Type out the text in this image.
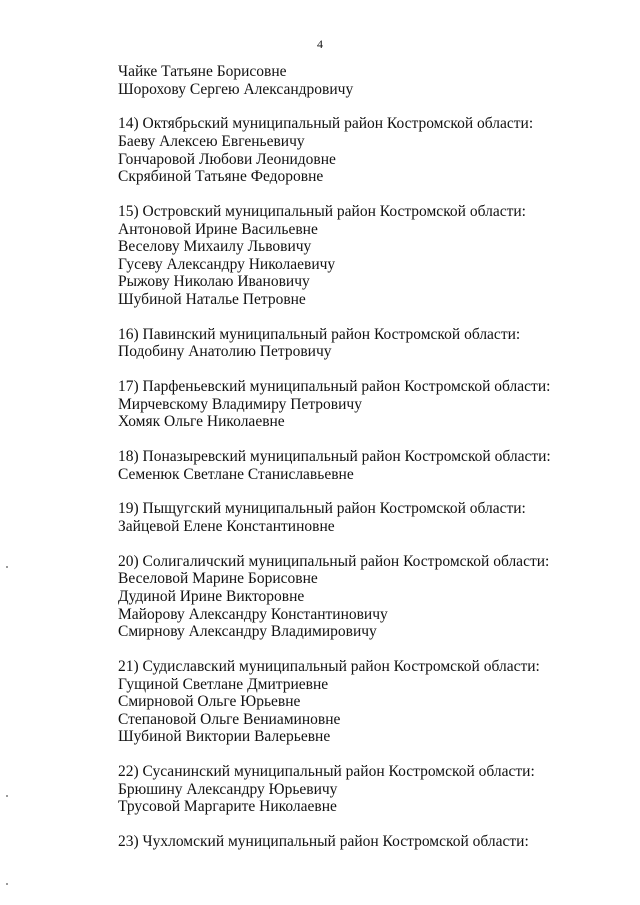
4
Чайке Татьяне Борисовне
Шорохову Сергею Александровичу
14) Октябрьский муниципальный район Костромской области:
Баеву Алексею Евгеньевичу
Гончаровой Любови Леонидовне
Скрябиной Татьяне Федоровне
15) Островский муниципальный район Костромской области:
Антоновой Ирине Васильевне
Веселову Михаилу Львовичу
Гусеву Александру Николаевичу
Рыжову Николаю Ивановичу
Шубиной Наталье Петровне
16) Павинский муниципальный район Костромской области:
Подобину Анатолию Петровичу
17) Парфеньевский муниципальный район Костромской области:
Мирчевскому Владимиру Петровичу
Хомяк Ольге Николаевне
18) Поназыревский муниципальный район Костромской области:
Семенюк Светлане Станиславьевне
19) Пыщугский муниципальный район Костромской области:
Зайцевой Елене Константиновне
20) Солигаличский муниципальный район Костромской области:
Веселовой Марине Борисовне
Дудиной Ирине Викторовне
Майорову Александру Константиновичу
Смирнову Александру Владимировичу
21) Судиславский муниципальный район Костромской области:
Гущиной Светлане Дмитриевне
Смирновой Ольге Юрьевне
Степановой Ольге Вениаминовне
Шубиной Виктории Валерьевне
22) Сусанинский муниципальный район Костромской области:
Брюшину Александру Юрьевичу
Трусовой Маргарите Николаевне
23) Чухломский муниципальный район Костромской области:
